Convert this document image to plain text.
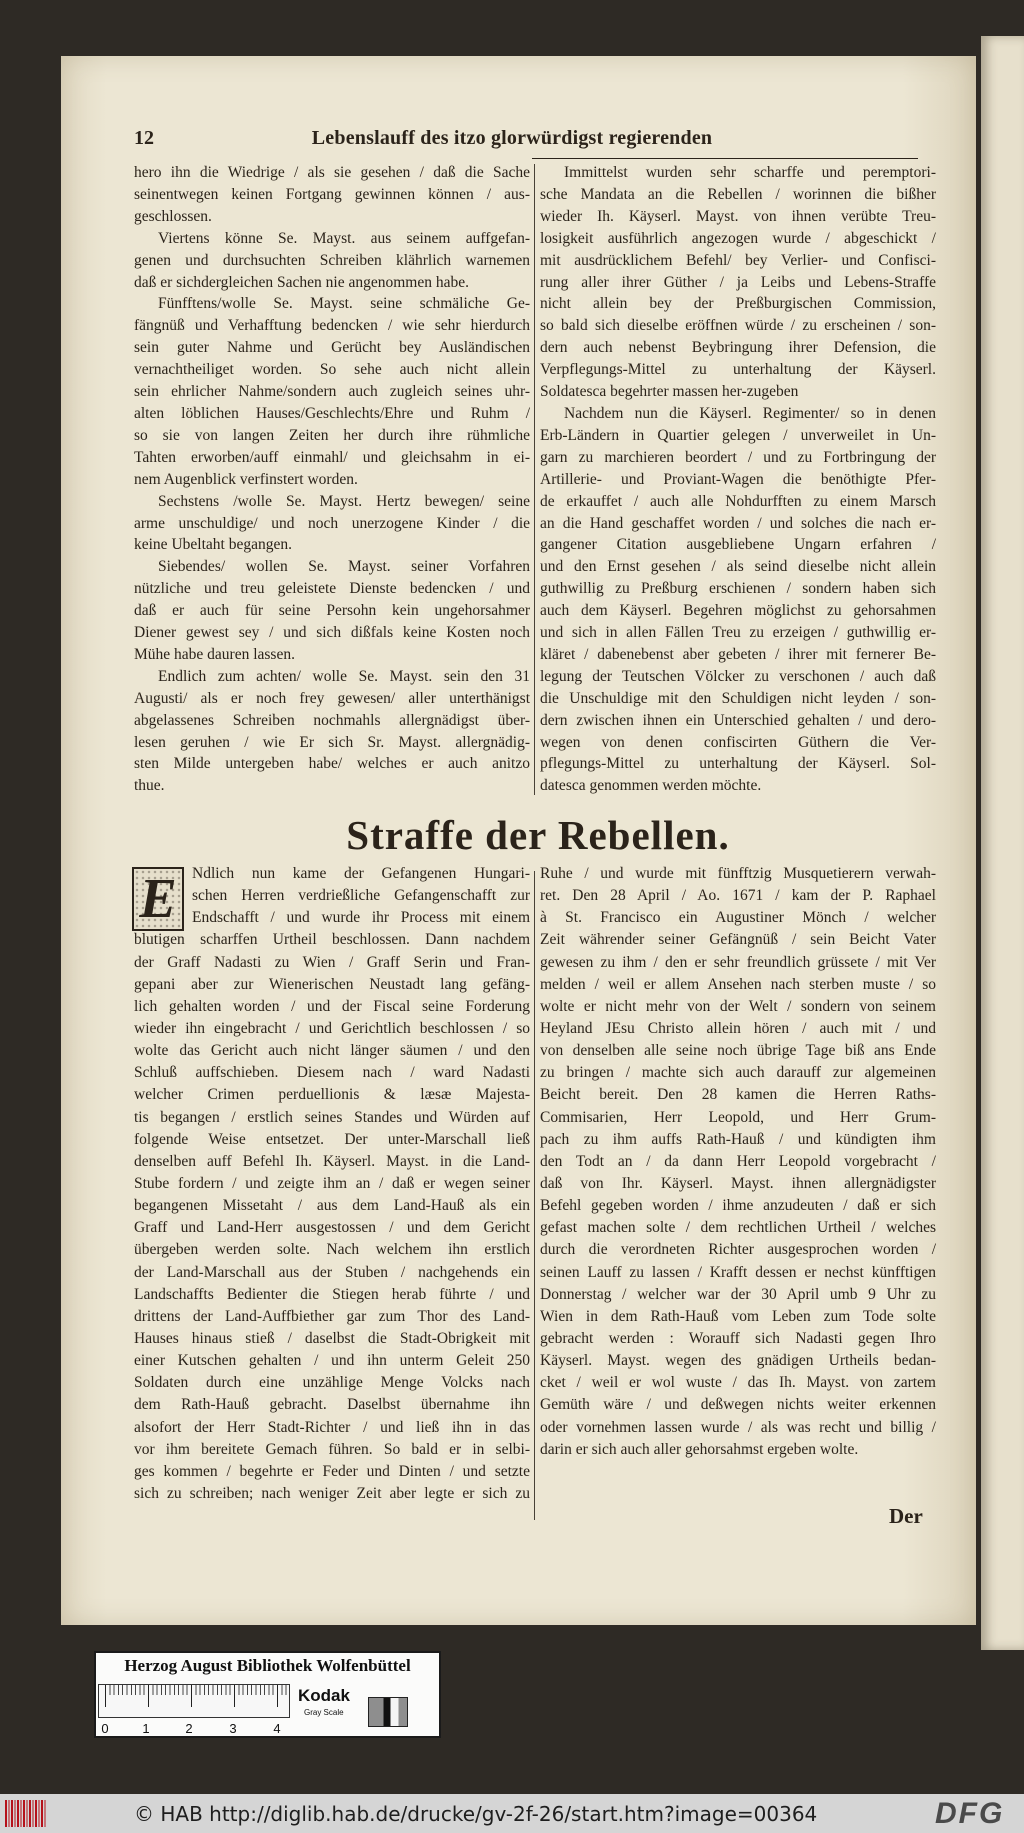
12	Lebenslauff des itzo glorwürdigst regierenden
hero ihn die Wiedrige / als sie gesehen / daß die Sache
seinentwegen keinen Fortgang gewinnen können / aus-
geschlossen.
Viertens könne Se. Mayst. aus seinem auffgefan-
genen und durchsuchten Schreiben klährlich warnemen
daß er sichdergleichen Sachen nie angenommen habe.
Fünfftens/wolle Se. Mayst. seine schmäliche Ge-
fängnüß und Verhafftung bedencken / wie sehr hierdurch
sein guter Nahme und Gerücht bey Ausländischen
vernachtheiliget worden. So sehe auch nicht allein
sein ehrlicher Nahme/sondern auch zugleich seines uhr-
alten löblichen Hauses/Geschlechts/Ehre und Ruhm /
so sie von langen Zeiten her durch ihre rühmliche
Tahten erworben/auff einmahl/ und gleichsahm in ei-
nem Augenblick verfinstert worden.
Sechstens /wolle Se. Mayst. Hertz bewegen/ seine
arme unschuldige/ und noch unerzogene Kinder / die
keine Ubeltaht begangen.
Siebendes/ wollen Se. Mayst. seiner Vorfahren
nützliche und treu geleistete Dienste bedencken / und
daß er auch für seine Persohn kein ungehorsahmer
Diener gewest sey / und sich dißfals keine Kosten noch
Mühe habe dauren lassen.
Endlich zum achten/ wolle Se. Mayst. sein den 31
Augusti/ als er noch frey gewesen/ aller unterthänigst
abgelassenes Schreiben nochmahls allergnädigst über-
lesen geruhen / wie Er sich Sr. Mayst. allergnädig-
sten Milde untergeben habe/ welches er auch anitzo
thue.
Immittelst wurden sehr scharffe und peremptori-
sche Mandata an die Rebellen / worinnen die bißher
wieder Ih. Käyserl. Mayst. von ihnen verübte Treu-
losigkeit ausführlich angezogen wurde / abgeschickt /
mit ausdrücklichem Befehl/ bey Verlier- und Confisci-
rung aller ihrer Güther / ja Leibs und Lebens-Straffe
nicht allein bey der Preßburgischen Commission,
so bald sich dieselbe eröffnen würde / zu erscheinen / son-
dern auch nebenst Beybringung ihrer Defension, die
Verpflegungs-Mittel zu unterhaltung der Käyserl.
Soldatesca begehrter massen her-zugeben
Nachdem nun die Käyserl. Regimenter/ so in denen
Erb-Ländern in Quartier gelegen / unverweilet in Un-
garn zu marchieren beordert / und zu Fortbringung der
Artillerie- und Proviant-Wagen die benöthigte Pfer-
de erkauffet / auch alle Nohdurfften zu einem Marsch
an die Hand geschaffet worden / und solches die nach er-
gangener Citation ausgebliebene Ungarn erfahren /
und den Ernst gesehen / als seind dieselbe nicht allein
guthwillig zu Preßburg erschienen / sondern haben sich
auch dem Käyserl. Begehren möglichst zu gehorsahmen
und sich in allen Fällen Treu zu erzeigen / guthwillig er-
kläret / dabenebenst aber gebeten / ihrer mit fernerer Be-
legung der Teutschen Völcker zu verschonen / auch daß
die Unschuldige mit den Schuldigen nicht leyden / son-
dern zwischen ihnen ein Unterschied gehalten / und dero-
wegen von denen confiscirten Güthern die Ver-
pflegungs-Mittel zu unterhaltung der Käyserl. Sol-
datesca genommen werden möchte.
Straffe der Rebellen.
E Ndlich nun kame der Gefangenen Hungari-
schen Herren verdrießliche Gefangenschafft zur
Endschafft / und wurde ihr Process mit einem
blutigen scharffen Urtheil beschlossen. Dann nachdem
der Graff Nadasti zu Wien / Graff Serin und Fran-
gepani aber zur Wienerischen Neustadt lang gefäng-
lich gehalten worden / und der Fiscal seine Forderung
wieder ihn eingebracht / und Gerichtlich beschlossen / so
wolte das Gericht auch nicht länger säumen / und den
Schluß auffschieben. Diesem nach / ward Nadasti
welcher Crimen perduellionis & læsæ Majesta-
tis begangen / erstlich seines Standes und Würden auf
folgende Weise entsetzet. Der unter-Marschall ließ
denselben auff Befehl Ih. Käyserl. Mayst. in die Land-
Stube fordern / und zeigte ihm an / daß er wegen seiner
begangenen Missetaht / aus dem Land-Hauß als ein
Graff und Land-Herr ausgestossen / und dem Gericht
übergeben werden solte. Nach welchem ihn erstlich
der Land-Marschall aus der Stuben / nachgehends ein
Landschaffts Bedienter die Stiegen herab führte / und
drittens der Land-Auffbiether gar zum Thor des Land-
Hauses hinaus stieß / daselbst die Stadt-Obrigkeit mit
einer Kutschen gehalten / und ihn unterm Geleit 250
Soldaten durch eine unzählige Menge Volcks nach
dem Rath-Hauß gebracht. Daselbst übernahme ihn
alsofort der Herr Stadt-Richter / und ließ ihn in das
vor ihm bereitete Gemach führen. So bald er in selbi-
ges kommen / begehrte er Feder und Dinten / und setzte
sich zu schreiben; nach weniger Zeit aber legte er sich zu
Ruhe / und wurde mit fünfftzig Musquetierern verwah-
ret. Den 28 April / Ao. 1671 / kam der P. Raphael
à St. Francisco ein Augustiner Mönch / welcher
Zeit währender seiner Gefängnüß / sein Beicht Vater
gewesen zu ihm / den er sehr freundlich grüssete / mit Ver
melden / weil er allem Ansehen nach sterben muste / so
wolte er nicht mehr von der Welt / sondern von seinem
Heyland JEsu Christo allein hören / auch mit / und
von denselben alle seine noch übrige Tage biß ans Ende
zu bringen / machte sich auch darauff zur algemeinen
Beicht bereit. Den 28 kamen die Herren Raths-
Commisarien, Herr Leopold, und Herr Grum-
pach zu ihm auffs Rath-Hauß / und kündigten ihm
den Todt an / da dann Herr Leopold vorgebracht /
daß von Ihr. Käyserl. Mayst. ihnen allergnädigster
Befehl gegeben worden / ihme anzudeuten / daß er sich
gefast machen solte / dem rechtlichen Urtheil / welches
durch die verordneten Richter ausgesprochen worden /
seinen Lauff zu lassen / Krafft dessen er nechst künfftigen
Donnerstag / welcher war der 30 April umb 9 Uhr zu
Wien in dem Rath-Hauß vom Leben zum Tode solte
gebracht werden : Worauff sich Nadasti gegen Ihro
Käyserl. Mayst. wegen des gnädigen Urtheils bedan-
cket / weil er wol wuste / das Ih. Mayst. von zartem
Gemüth wäre / und deßwegen nichts weiter erkennen
oder vornehmen lassen wurde / als was recht und billig /
darin er sich auch aller gehorsahmst ergeben wolte.
Der
Herzog August Bibliothek Wolfenbüttel
0	1	2	3	4
Kodak
Gray Scale
© HAB http://diglib.hab.de/drucke/gv-2f-26/start.htm?image=00364	DFG
